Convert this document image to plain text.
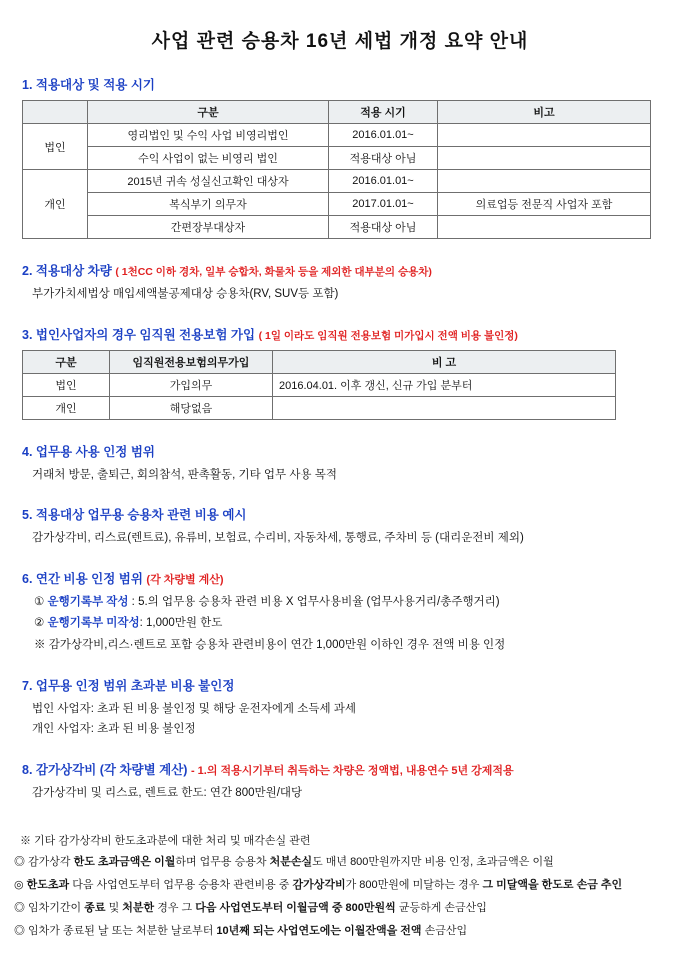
사업 관련 승용차 16년 세법 개정 요약 안내
1. 적용대상 및 적용 시기
	구분	적용 시기	비고
법인	영리법인 및 수익 사업 비영리법인	2016.01.01~	
	수익 사업이 없는 비영리 법인	적용대상 아님	
개인	2015년 귀속 성실신고확인 대상자	2016.01.01~	
	복식부기 의무자	2017.01.01~	의료업등 전문직 사업자 포함
	간편장부대상자	적용대상 아님	
2. 적용대상 차량 ( 1천CC 이하 경차, 일부 승합차, 화물차 등을 제외한 대부분의 승용차)
부가가치세법상 매입세액불공제대상 승용차(RV, SUV등 포함)
3. 법인사업자의 경우 임직원 전용보험 가입 ( 1일 이라도 임직원 전용보험 미가입시 전액 비용 불인정)
구분	임직원전용보험의무가입	비 고
법인	가입의무	2016.04.01. 이후 갱신, 신규 가입 분부터
개인	해당없음	
4. 업무용 사용 인정 범위
거래처 방문, 출퇴근, 회의참석, 판촉활동, 기타 업무 사용 목적
5. 적용대상 업무용 승용차 관련 비용 예시
감가상각비, 리스료(렌트료), 유류비, 보험료, 수리비, 자동차세, 통행료, 주차비 등 (대리운전비 제외)
6. 연간 비용 인정 범위 (각 차량별 계산)
① 운행기록부 작성 : 5.의 업무용 승용차 관련 비용 X 업무사용비율 (업무사용거리/총주행거리)
② 운행기록부 미작성: 1,000만원 한도
※ 감가상각비,리스·렌트로 포함 승용차 관련비용이 연간 1,000만원 이하인 경우 전액 비용 인정
7. 업무용 인정 범위 초과분 비용 불인정
법인 사업자: 초과 된 비용 불인정 및 해당 운전자에게 소득세 과세
개인 사업자: 초과 된 비용 불인정
8. 감가상각비 (각 차량별 계산) - 1.의 적용시기부터 취득하는 차량은 정액법, 내용연수 5년 강제적용
감가상각비 및 리스료, 렌트료 한도: 연간 800만원/대당
※ 기타 감가상각비 한도초과분에 대한 처리 및 매각손실 관련
◎ 감가상각 한도 초과금액은 이월하며 업무용 승용차 처분손실도 매년 800만원까지만 비용 인정, 초과금액은 이월
◎ 한도초과 다음 사업연도부터 업무용 승용차 관련비용 중 감가상각비가 800만원에 미달하는 경우 그 미달액을 한도로 손금 추인
◎ 임차기간이 종료 및 처분한 경우 그 다음 사업연도부터 이월금액 중 800만원씩 균등하게 손금산입
◎ 임차가 종료된 날 또는 처분한 날로부터 10년째 되는 사업연도에는 이월잔액을 전액 손금산입
